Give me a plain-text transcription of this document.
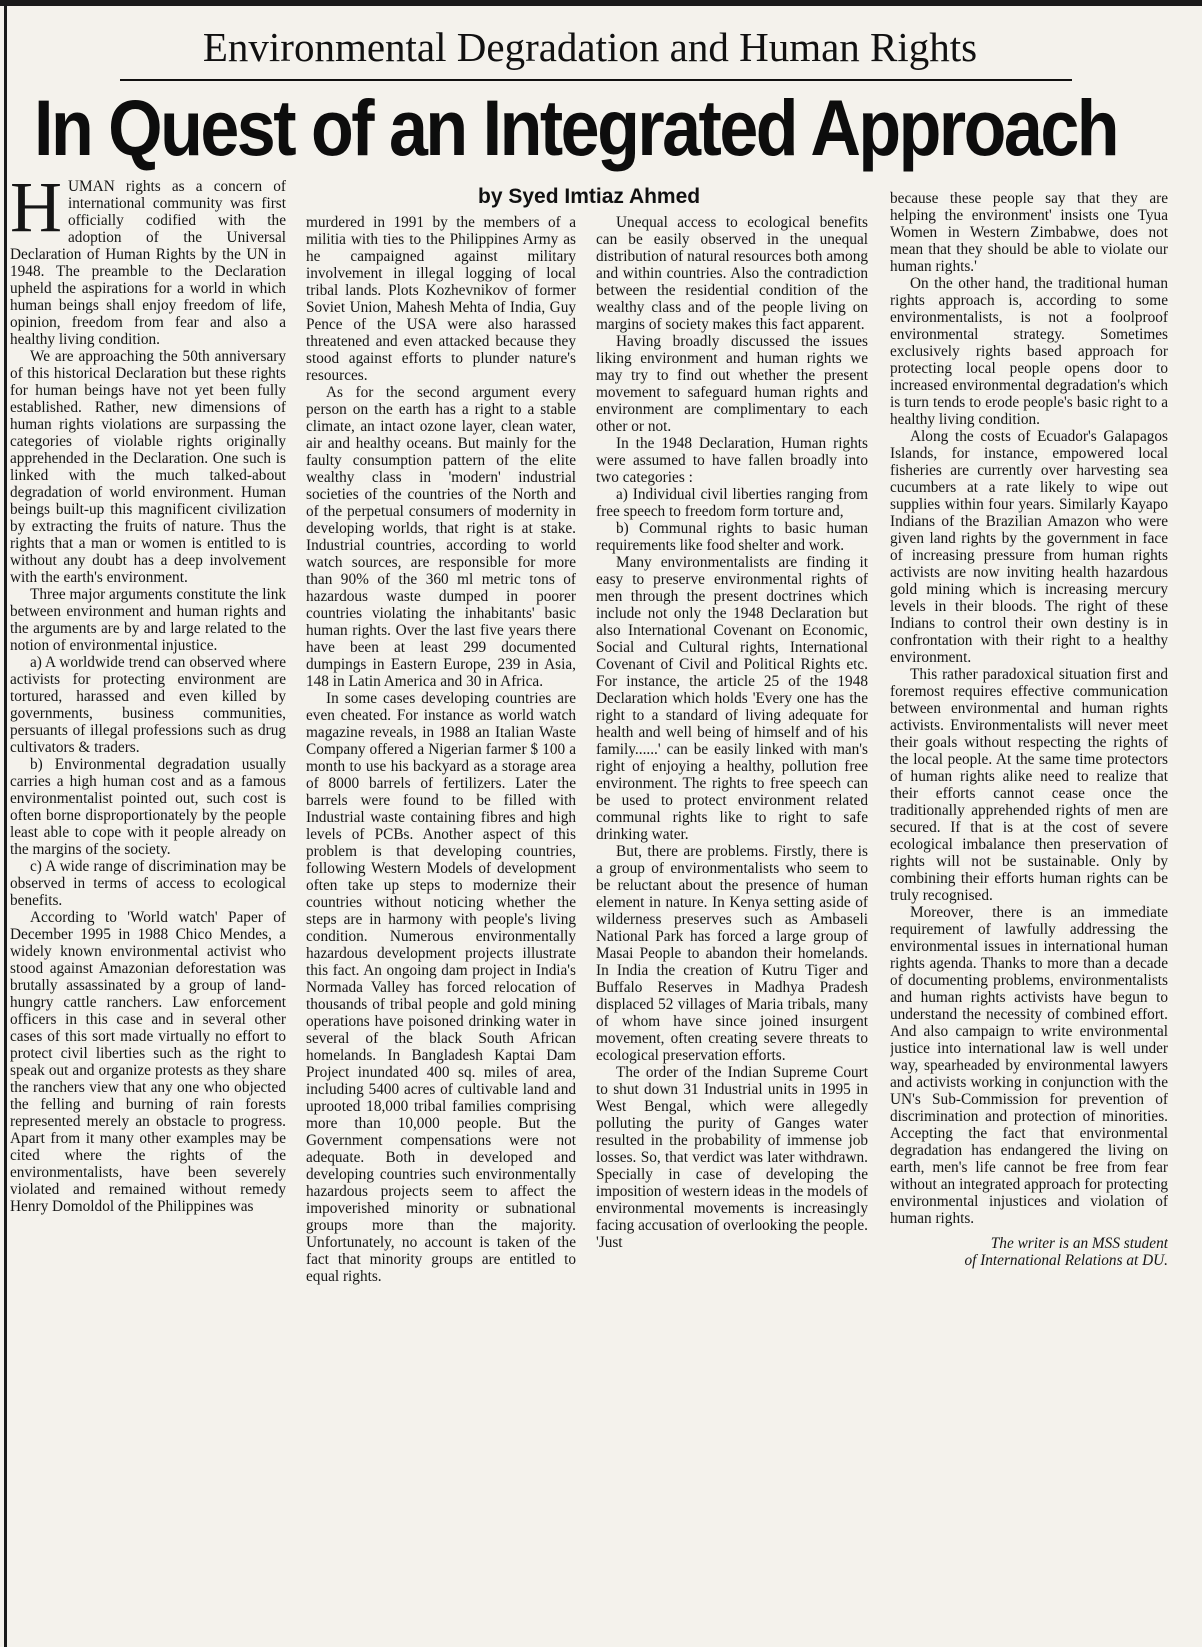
Environmental Degradation and Human Rights
In Quest of an Integrated Approach
by Syed Imtiaz Ahmed
H UMAN rights as a concern of international community was first officially codified with the adoption of the Universal Declaration of Human Rights by the UN in 1948. The preamble to the Declaration upheld the aspirations for a world in which human beings shall enjoy freedom of life, opinion, freedom from fear and also a healthy living condition.

We are approaching the 50th anniversary of this historical Declaration but these rights for human beings have not yet been fully established. Rather, new dimensions of human rights violations are surpassing the categories of violable rights originally apprehended in the Declaration. One such is linked with the much talked-about degradation of world environment. Human beings built-up this magnificent civilization by extracting the fruits of nature. Thus the rights that a man or women is entitled to is without any doubt has a deep involvement with the earth's environment.

Three major arguments constitute the link between environment and human rights and the arguments are by and large related to the notion of environmental injustice.

a) A worldwide trend can observed where activists for protecting environment are tortured, harassed and even killed by governments, business communities, persuants of illegal professions such as drug cultivators & traders.

b) Environmental degradation usually carries a high human cost and as a famous environmentalist pointed out, such cost is often borne disproportionately by the people least able to cope with it people already on the margins of the society.

c) A wide range of discrimination may be observed in terms of access to ecological benefits.

According to 'World watch' Paper of December 1995 in 1988 Chico Mendes, a widely known environmental activist who stood against Amazonian deforestation was brutally assassinated by a group of land-hungry cattle ranchers. Law enforcement officers in this case and in several other cases of this sort made virtually no effort to protect civil liberties such as the right to speak out and organize protests as they share the ranchers view that any one who objected the felling and burning of rain forests represented merely an obstacle to progress. Apart from it many other examples may be cited where the rights of the environmentalists, have been severely violated and remained without remedy Henry Domoldol of the Philippines was

murdered in 1991 by the members of a militia with ties to the Philippines Army as he campaigned against military involvement in illegal logging of local tribal lands. Plots Kozhevnikov of former Soviet Union, Mahesh Mehta of India, Guy Pence of the USA were also harassed threatened and even attacked because they stood against efforts to plunder nature's resources.

As for the second argument every person on the earth has a right to a stable climate, an intact ozone layer, clean water, air and healthy oceans. But mainly for the faulty consumption pattern of the elite wealthy class in 'modern' industrial societies of the countries of the North and of the perpetual consumers of modernity in developing worlds, that right is at stake. Industrial countries, according to world watch sources, are responsible for more than 90% of the 360 ml metric tons of hazardous waste dumped in poorer countries violating the inhabitants' basic human rights. Over the last five years there have been at least 299 documented dumpings in Eastern Europe, 239 in Asia, 148 in Latin America and 30 in Africa.

In some cases developing countries are even cheated. For instance as world watch magazine reveals, in 1988 an Italian Waste Company offered a Nigerian farmer $ 100 a month to use his backyard as a storage area of 8000 barrels of fertilizers. Later the barrels were found to be filled with Industrial waste containing fibres and high levels of PCBs. Another aspect of this problem is that developing countries, following Western Models of development often take up steps to modernize their countries without noticing whether the steps are in harmony with people's living condition. Numerous environmentally hazardous development projects illustrate this fact. An ongoing dam project in India's Normada Valley has forced relocation of thousands of tribal people and gold mining operations have poisoned drinking water in several of the black South African homelands. In Bangladesh Kaptai Dam Project inundated 400 sq. miles of area, including 5400 acres of cultivable land and uprooted 18,000 tribal families comprising more than 10,000 people. But the Government compensations were not adequate. Both in developed and developing countries such environmentally hazardous projects seem to affect the impoverished minority or subnational groups more than the majority. Unfortunately, no account is taken of the fact that minority groups are entitled to equal rights.

Unequal access to ecological benefits can be easily observed in the unequal distribution of natural resources both among and within countries. Also the contradiction between the residential condition of the wealthy class and of the people living on margins of society makes this fact apparent.

Having broadly discussed the issues liking environment and human rights we may try to find out whether the present movement to safeguard human rights and environment are complimentary to each other or not.

In the 1948 Declaration, Human rights were assumed to have fallen broadly into two categories :

a) Individual civil liberties ranging from free speech to freedom form torture and,

b) Communal rights to basic human requirements like food shelter and work.

Many environmentalists are finding it easy to preserve environmental rights of men through the present doctrines which include not only the 1948 Declaration but also International Covenant on Economic, Social and Cultural rights, International Covenant of Civil and Political Rights etc. For instance, the article 25 of the 1948 Declaration which holds 'Every one has the right to a standard of living adequate for health and well being of himself and of his family......' can be easily linked with man's right of enjoying a healthy, pollution free environment. The rights to free speech can be used to protect environment related communal rights like to right to safe drinking water.

But, there are problems. Firstly, there is a group of environmentalists who seem to be reluctant about the presence of human element in nature. In Kenya setting aside of wilderness preserves such as Ambaseli National Park has forced a large group of Masai People to abandon their homelands. In India the creation of Kutru Tiger and Buffalo Reserves in Madhya Pradesh displaced 52 villages of Maria tribals, many of whom have since joined insurgent movement, often creating severe threats to ecological preservation efforts.

The order of the Indian Supreme Court to shut down 31 Industrial units in 1995 in West Bengal, which were allegedly polluting the purity of Ganges water resulted in the probability of immense job losses. So, that verdict was later withdrawn. Specially in case of developing the imposition of western ideas in the models of environmental movements is increasingly facing accusation of overlooking the people. 'Just

because these people say that they are helping the environment' insists one Tyua Women in Western Zimbabwe, does not mean that they should be able to violate our human rights.'

On the other hand, the traditional human rights approach is, according to some environmentalists, is not a foolproof environmental strategy. Sometimes exclusively rights based approach for protecting local people opens door to increased environmental degradation's which is turn tends to erode people's basic right to a healthy living condition.

Along the costs of Ecuador's Galapagos Islands, for instance, empowered local fisheries are currently over harvesting sea cucumbers at a rate likely to wipe out supplies within four years. Similarly Kayapo Indians of the Brazilian Amazon who were given land rights by the government in face of increasing pressure from human rights activists are now inviting health hazardous gold mining which is increasing mercury levels in their bloods. The right of these Indians to control their own destiny is in confrontation with their right to a healthy environment.

This rather paradoxical situation first and foremost requires effective communication between environmental and human rights activists. Environmentalists will never meet their goals without respecting the rights of the local people. At the same time protectors of human rights alike need to realize that their efforts cannot cease once the traditionally apprehended rights of men are secured. If that is at the cost of severe ecological imbalance then preservation of rights will not be sustainable. Only by combining their efforts human rights can be truly recognised.

Moreover, there is an immediate requirement of lawfully addressing the environmental issues in international human rights agenda. Thanks to more than a decade of documenting problems, environmentalists and human rights activists have begun to understand the necessity of combined effort. And also campaign to write environmental justice into international law is well under way, spearheaded by environmental lawyers and activists working in conjunction with the UN's Sub-Commission for prevention of discrimination and protection of minorities. Accepting the fact that environmental degradation has endangered the living on earth, men's life cannot be free from fear without an integrated approach for protecting environmental injustices and violation of human rights.

The writer is an MSS student
of International Relations at DU.
